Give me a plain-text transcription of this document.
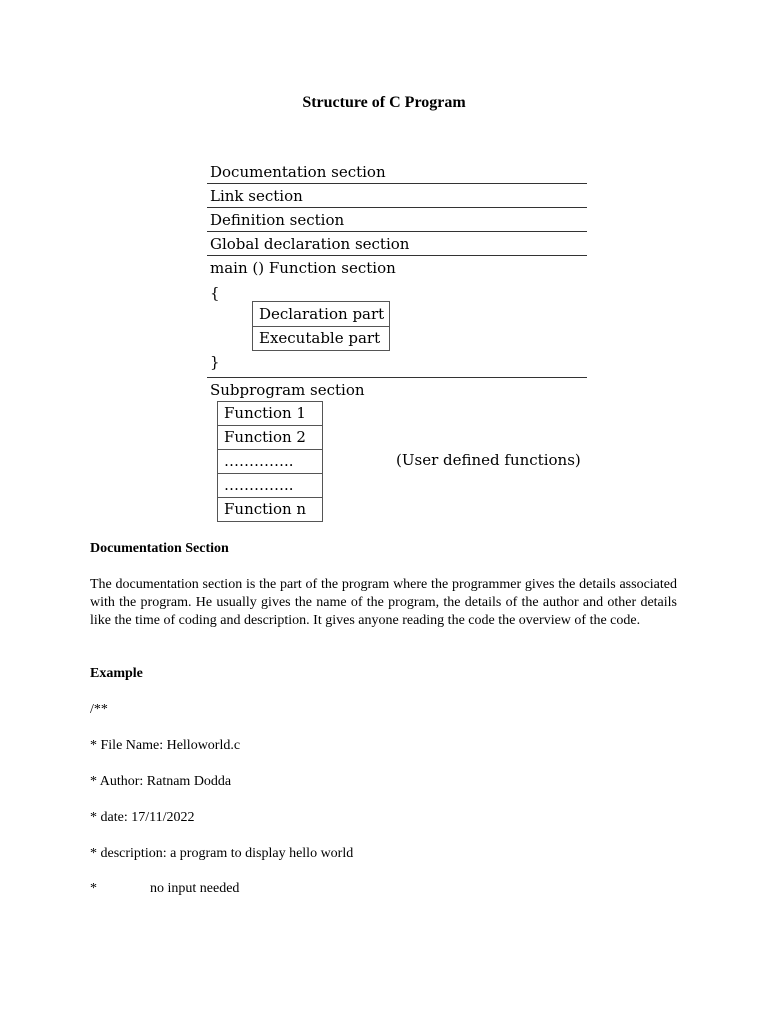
Structure of C Program
Documentation section
Link section
Definition section
Global declaration section
main () Function section
{
Declaration part
Executable part
}
Subprogram section
Function 1
Function 2
…………..
…………..
Function n
(User defined functions)
Documentation Section

The documentation section is the part of the program where the programmer gives the details associated with the program. He usually gives the name of the program, the details of the author and other details like the time of coding and description. It gives anyone reading the code the overview of the code.

Example

/**

* File Name: Helloworld.c

* Author: Ratnam Dodda

* date: 17/11/2022

* description: a program to display hello world

*	no input needed
